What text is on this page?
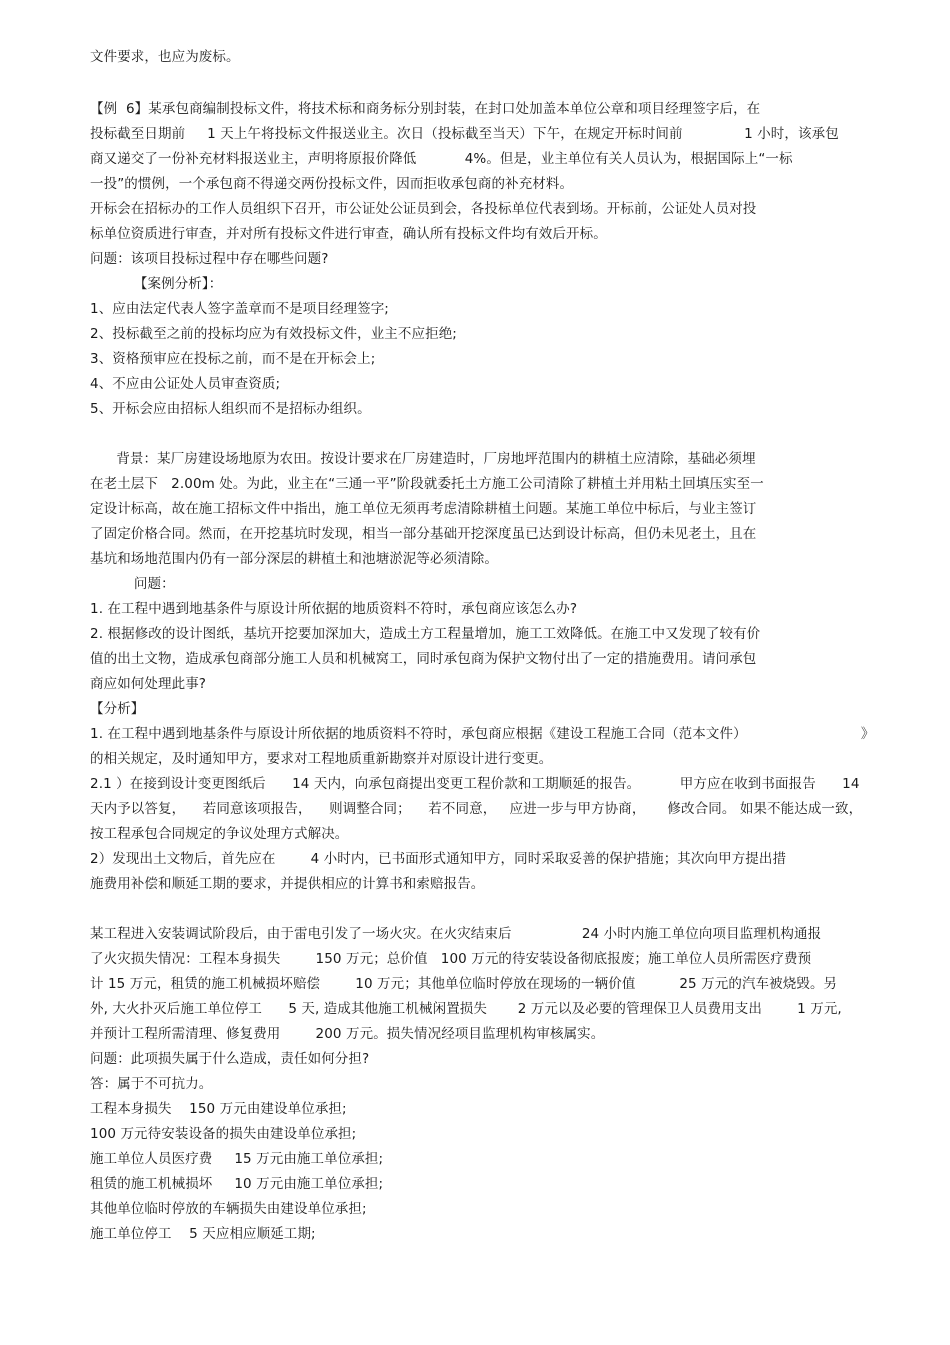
文件要求，也应为废标。
【例  6】某承包商编制投标文件，将技术标和商务标分别封装，在封口处加盖本单位公章和项目经理签字后，在
投标截至日期前     1 天上午将投标文件报送业主。次日（投标截至当天）下午，在规定开标时间前              1 小时，该承包
商又递交了一份补充材料报送业主，声明将原报价降低           4%。但是，业主单位有关人员认为，根据国际上“一标
一投”的惯例，一个承包商不得递交两份投标文件，因而拒收承包商的补充材料。
开标会在招标办的工作人员组织下召开，市公证处公证员到会，各投标单位代表到场。开标前，公证处人员对投
标单位资质进行审查，并对所有投标文件进行审查，确认所有投标文件均有效后开标。
问题：该项目投标过程中存在哪些问题?
【案例分析】：
1、应由法定代表人签字盖章而不是项目经理签字;
2、投标截至之前的投标均应为有效投标文件，业主不应拒绝;
3、资格预审应在投标之前，而不是在开标会上;
4、不应由公证处人员审查资质;
5、开标会应由招标人组织而不是招标办组织。
背景：某厂房建设场地原为农田。按设计要求在厂房建造时，厂房地坪范围内的耕植土应清除，基础必须埋
在老土层下   2.00m 处。为此，业主在“三通一平”阶段就委托土方施工公司清除了耕植土并用粘土回填压实至一
定设计标高，故在施工招标文件中指出，施工单位无须再考虑清除耕植土问题。某施工单位中标后，与业主签订
了固定价格合同。然而，在开挖基坑时发现，相当一部分基础开挖深度虽已达到设计标高，但仍未见老土，且在
基坑和场地范围内仍有一部分深层的耕植土和池塘淤泥等必须清除。
问题：
1. 在工程中遇到地基条件与原设计所依据的地质资料不符时，承包商应该怎么办?
2. 根据修改的设计图纸，基坑开挖要加深加大，造成土方工程量增加，施工工效降低。在施工中又发现了较有价
值的出土文物，造成承包商部分施工人员和机械窝工，同时承包商为保护文物付出了一定的措施费用。请问承包
商应如何处理此事?
【分析】
1. 在工程中遇到地基条件与原设计所依据的地质资料不符时，承包商应根据《建设工程施工合同（范本文件）                          》
的相关规定，及时通知甲方，要求对工程地质重新勘察并对原设计进行变更。
2.1 ）在接到设计变更图纸后      14 天内，向承包商提出变更工程价款和工期顺延的报告。         甲方应在收到书面报告      14
天内予以答复，    若同意该项报告，    则调整合同；    若不同意，   应进一步与甲方协商，     修改合同。 如果不能达成一致，
按工程承包合同规定的争议处理方式解决。
2）发现出土文物后，首先应在        4 小时内，已书面形式通知甲方，同时采取妥善的保护措施；其次向甲方提出措
施费用补偿和顺延工期的要求，并提供相应的计算书和索赔报告。
某工程进入安装调试阶段后，由于雷电引发了一场火灾。在火灾结束后                24 小时内施工单位向项目监理机构通报
了火灾损失情况：工程本身损失        150 万元；总价值   100 万元的待安装设备彻底报废；施工单位人员所需医疗费预
计 15 万元，租赁的施工机械损坏赔偿        10 万元；其他单位临时停放在现场的一辆价值          25 万元的汽车被烧毁。另
外, 大火扑灭后施工单位停工      5 天, 造成其他施工机械闲置损失       2 万元以及必要的管理保卫人员费用支出        1 万元,
并预计工程所需清理、修复费用        200 万元。损失情况经项目监理机构审核属实。
问题：此项损失属于什么造成，责任如何分担?
答：属于不可抗力。
工程本身损失    150 万元由建设单位承担;
100 万元待安装设备的损失由建设单位承担;
施工单位人员医疗费     15 万元由施工单位承担;
租赁的施工机械损坏     10 万元由施工单位承担;
其他单位临时停放的车辆损失由建设单位承担;
施工单位停工    5 天应相应顺延工期;
